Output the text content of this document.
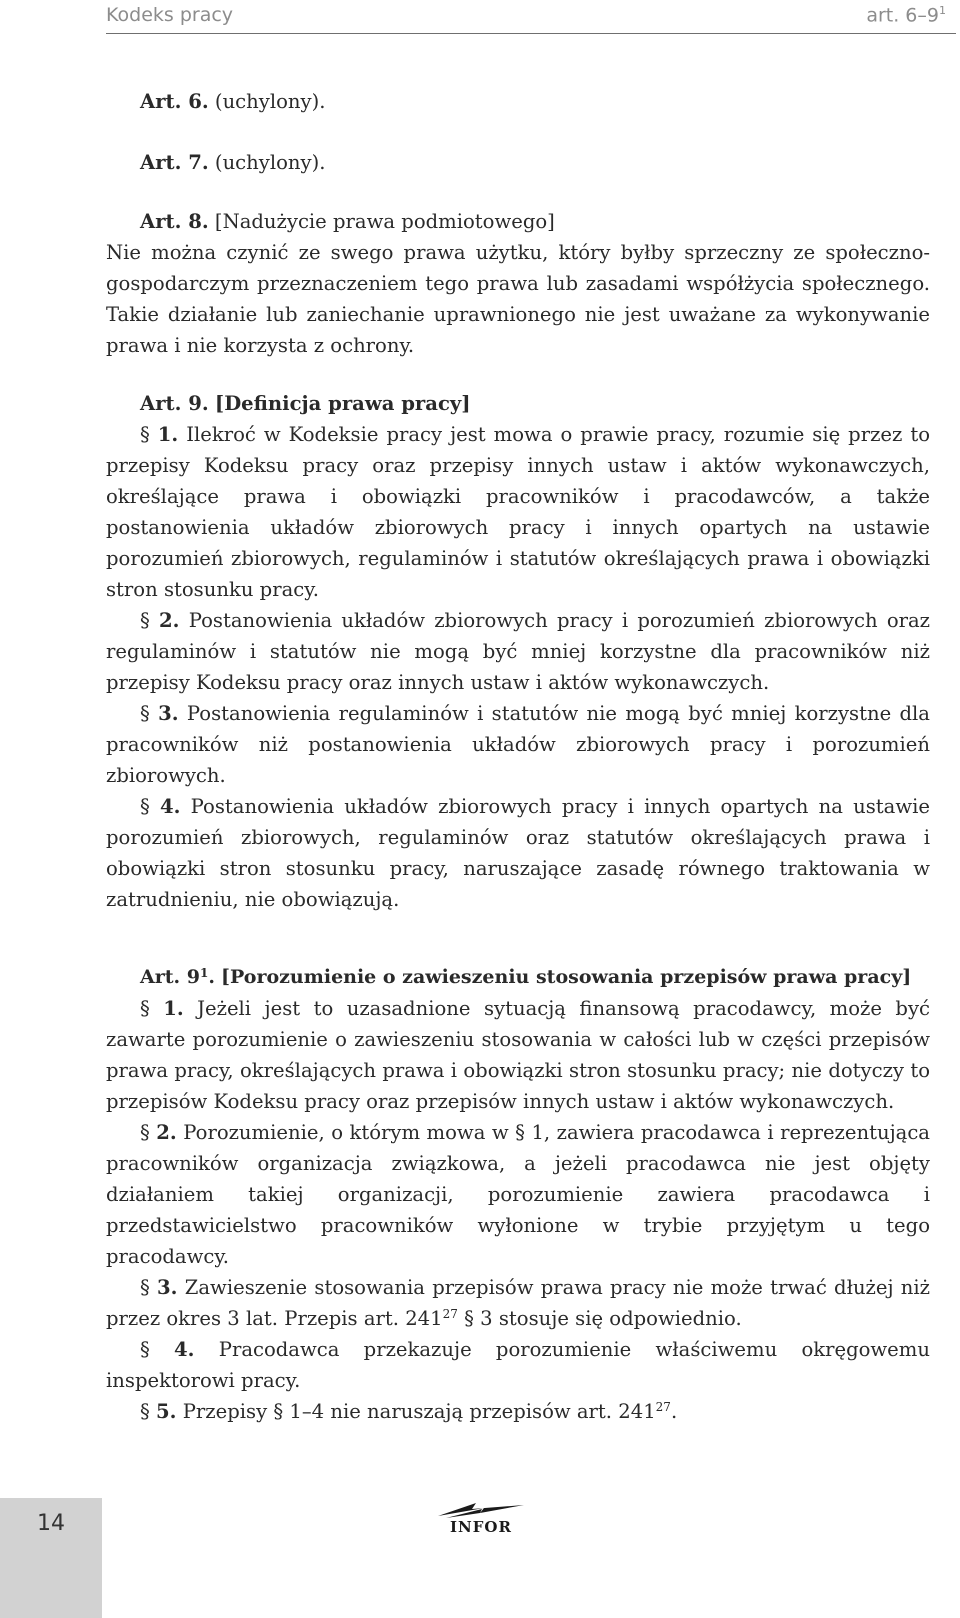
Kodeks pracy	art. $6-9^1$
Art. 6. (uchylony).
Art. 7. (uchylony).
Art. 8. [Nadużycie prawa podmiotowego]

Nie można czynić ze swego prawa użytku, który byłby sprzeczny ze społeczno-gospodarczym przeznaczeniem tego prawa lub zasadami współżycia społecznego. Takie działanie lub zaniechanie uprawnionego nie jest uważane za wykonywanie prawa i nie korzysta z ochrony.

Art. 9. [Definicja prawa pracy]

§ 1. Ilekroć w Kodeksie pracy jest mowa o prawie pracy, rozumie się przez to przepisy Kodeksu pracy oraz przepisy innych ustaw i aktów wykonawczych, określające prawa i obowiązki pracowników i pracodawców, a także postanowienia układów zbiorowych pracy i innych opartych na ustawie porozumień zbiorowych, regulaminów i statutów określających prawa i obowiązki stron stosunku pracy.

§ 2. Postanowienia układów zbiorowych pracy i porozumień zbiorowych oraz regulaminów i statutów nie mogą być mniej korzystne dla pracowników niż przepisy Kodeksu pracy oraz innych ustaw i aktów wykonawczych.

§ 3. Postanowienia regulaminów i statutów nie mogą być mniej korzystne dla pracowników niż postanowienia układów zbiorowych pracy i porozumień zbiorowych.

§ 4. Postanowienia układów zbiorowych pracy i innych opartych na ustawie porozumień zbiorowych, regulaminów oraz statutów określających prawa i obowiązki stron stosunku pracy, naruszające zasadę równego traktowania w zatrudnieniu, nie obowiązują.

Art. $9^1$. [Porozumienie o zawieszeniu stosowania przepisów prawa pracy]

§ 1. Jeżeli jest to uzasadnione sytuacją finansową pracodawcy, może być zawarte porozumienie o zawieszeniu stosowania w całości lub w części przepisów prawa pracy, określających prawa i obowiązki stron stosunku pracy; nie dotyczy to przepisów Kodeksu pracy oraz przepisów innych ustaw i aktów wykonawczych.

§ 2. Porozumienie, o którym mowa w § 1, zawiera pracodawca i reprezentująca pracowników organizacja związkowa, a jeżeli pracodawca nie jest objęty działaniem takiej organizacji, porozumienie zawiera pracodawca i przedstawicielstwo pracowników wyłonione w trybie przyjętym u tego pracodawcy.

§ 3. Zawieszenie stosowania przepisów prawa pracy nie może trwać dłużej niż przez okres 3 lat. Przepis art. $241^{27}$ § 3 stosuje się odpowiednio.

§ 4. Pracodawca przekazuje porozumienie właściwemu okręgowemu inspektorowi pracy.

§ 5. Przepisy § 1–4 nie naruszają przepisów art. $241^{27}$.

14	INFOR
